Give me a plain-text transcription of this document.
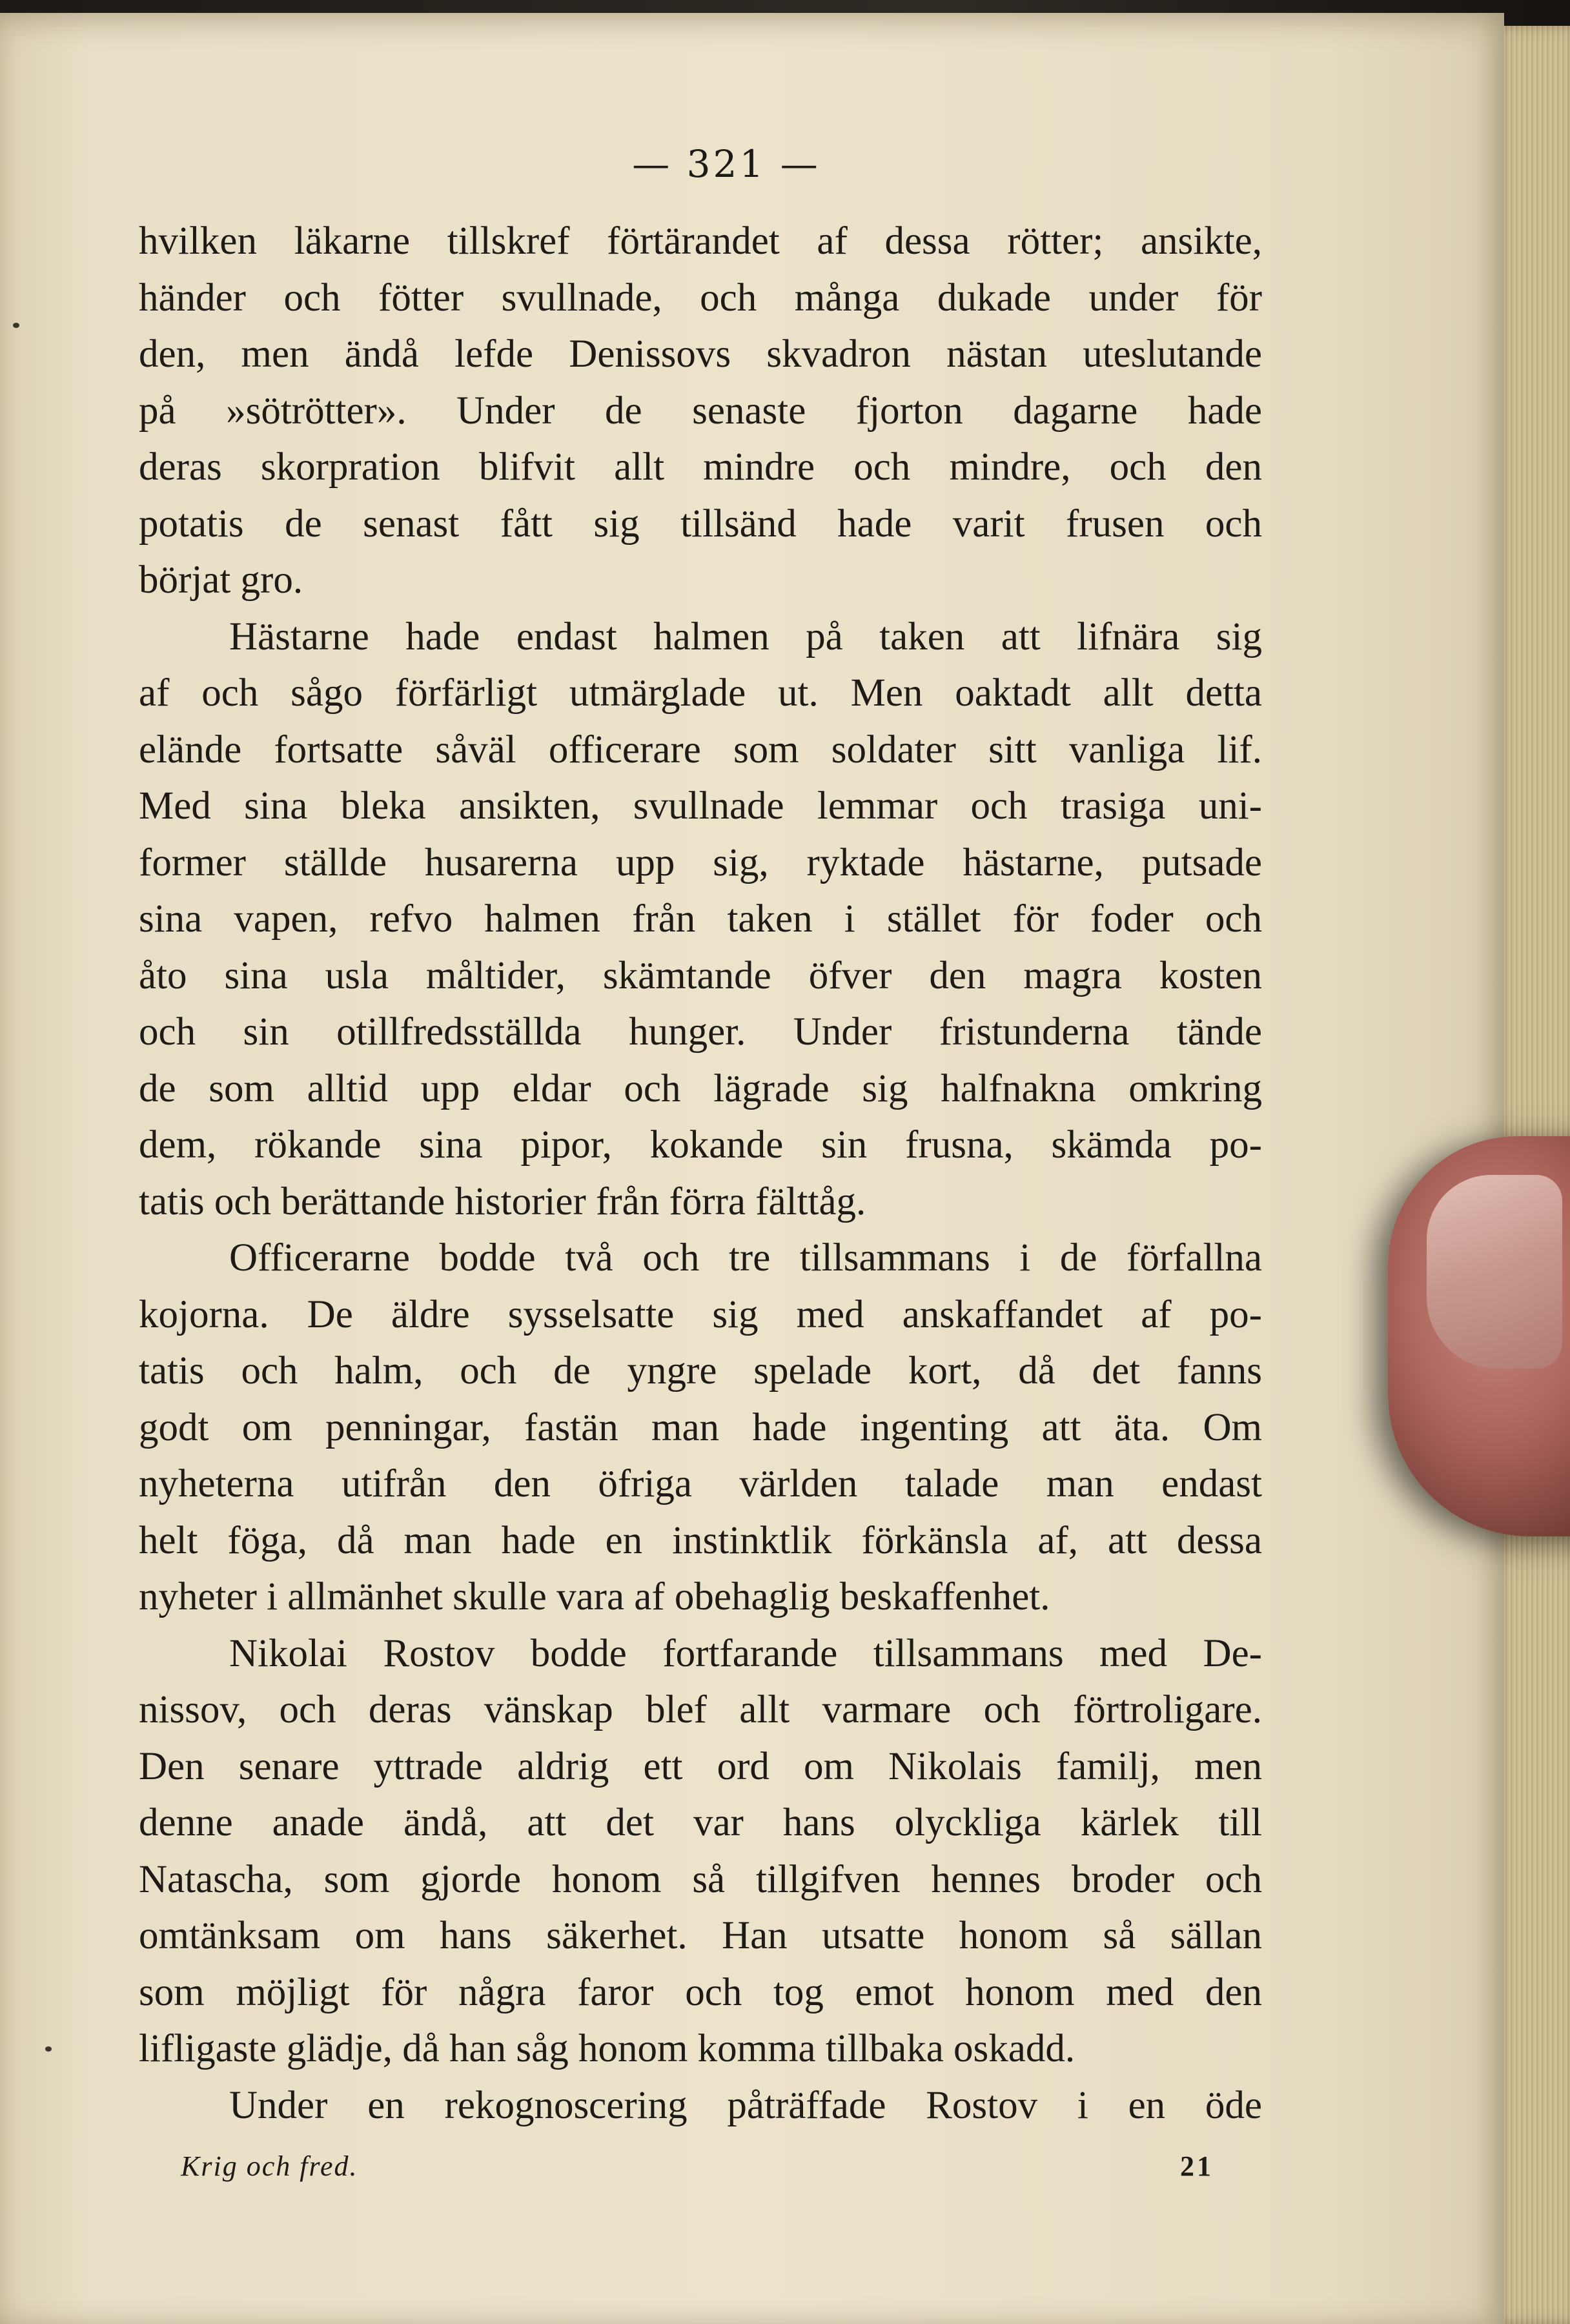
— 321 —
hvilken läkarne tillskref förtärandet af dessa rötter; ansikte,
händer och fötter svullnade, och många dukade under för
den, men ändå lefde Denissovs skvadron nästan uteslutande
på »sötrötter». Under de senaste fjorton dagarne hade
deras skorpration blifvit allt mindre och mindre, och den
potatis de senast fått sig tillsänd hade varit frusen och
börjat gro.
Hästarne hade endast halmen på taken att lifnära sig
af och sågo förfärligt utmärglade ut. Men oaktadt allt detta
elände fortsatte såväl officerare som soldater sitt vanliga lif.
Med sina bleka ansikten, svullnade lemmar och trasiga uni-
former ställde husarerna upp sig, ryktade hästarne, putsade
sina vapen, refvo halmen från taken i stället för foder och
åto sina usla måltider, skämtande öfver den magra kosten
och sin otillfredsställda hunger. Under fristunderna tände
de som alltid upp eldar och lägrade sig halfnakna omkring
dem, rökande sina pipor, kokande sin frusna, skämda po-
tatis och berättande historier från förra fälttåg.
Officerarne bodde två och tre tillsammans i de förfallna
kojorna. De äldre sysselsatte sig med anskaffandet af po-
tatis och halm, och de yngre spelade kort, då det fanns
godt om penningar, fastän man hade ingenting att äta. Om
nyheterna utifrån den öfriga världen talade man endast
helt föga, då man hade en instinktlik förkänsla af, att dessa
nyheter i allmänhet skulle vara af obehaglig beskaffenhet.
Nikolai Rostov bodde fortfarande tillsammans med De-
nissov, och deras vänskap blef allt varmare och förtroligare.
Den senare yttrade aldrig ett ord om Nikolais familj, men
denne anade ändå, att det var hans olyckliga kärlek till
Natascha, som gjorde honom så tillgifven hennes broder och
omtänksam om hans säkerhet. Han utsatte honom så sällan
som möjligt för några faror och tog emot honom med den
lifligaste glädje, då han såg honom komma tillbaka oskadd.
Under en rekognoscering påträffade Rostov i en öde
Krig och fred.	21
